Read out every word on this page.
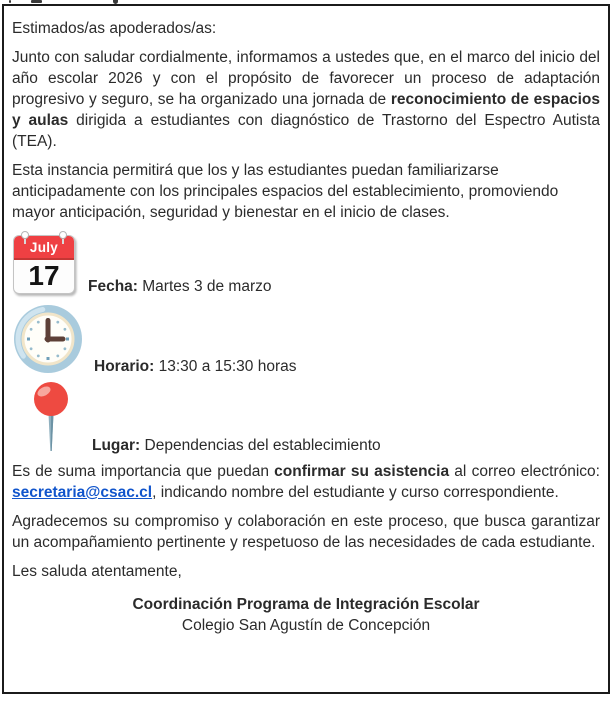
Estimados/as apoderados/as:

Junto con saludar cordialmente, informamos a ustedes que, en el marco del inicio del año escolar 2026 y con el propósito de favorecer un proceso de adaptación progresivo y seguro, se ha organizado una jornada de reconocimiento de espacios y aulas dirigida a estudiantes con diagnóstico de Trastorno del Espectro Autista (TEA).

Esta instancia permitirá que los y las estudiantes puedan familiarizarse anticipadamente con los principales espacios del establecimiento, promoviendo mayor anticipación, seguridad y bienestar en el inicio de clases.

July
17	Fecha: Martes 3 de marzo
Horario: 13:30 a 15:30 horas
Lugar: Dependencias del establecimiento

Es de suma importancia que puedan confirmar su asistencia al correo electrónico: secretaria@csac.cl, indicando nombre del estudiante y curso correspondiente.

Agradecemos su compromiso y colaboración en este proceso, que busca garantizar un acompañamiento pertinente y respetuoso de las necesidades de cada estudiante.

Les saluda atentamente,

Coordinación Programa de Integración Escolar
Colegio San Agustín de Concepción
